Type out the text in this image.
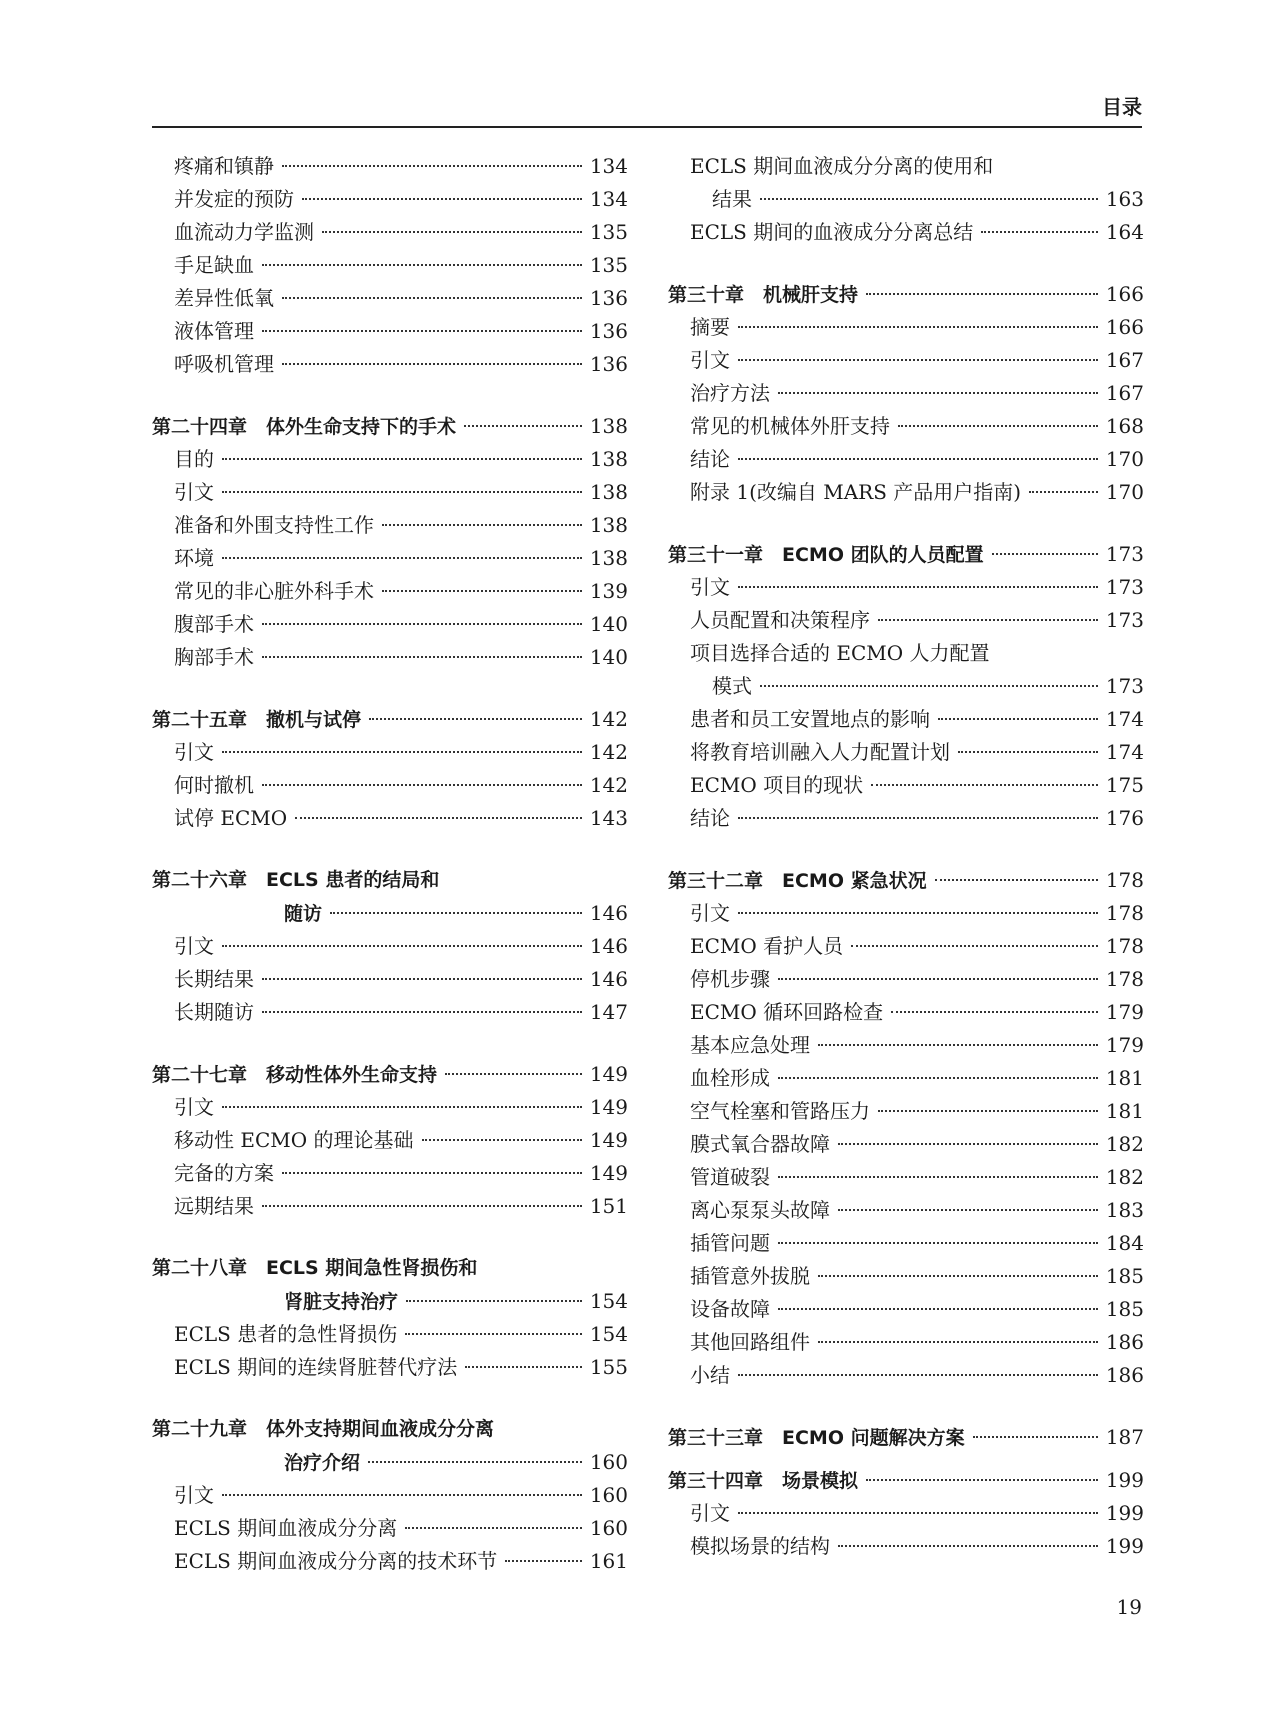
目录
疼痛和镇静	134
并发症的预防	134
血流动力学监测	135
手足缺血	135
差异性低氧	136
液体管理	136
呼吸机管理	136
第二十四章　体外生命支持下的手术	138
目的	138
引文	138
准备和外围支持性工作	138
环境	138
常见的非心脏外科手术	139
腹部手术	140
胸部手术	140
第二十五章　撤机与试停	142
引文	142
何时撤机	142
试停 ECMO	143
第二十六章　ECLS 患者的结局和
随访	146
引文	146
长期结果	146
长期随访	147
第二十七章　移动性体外生命支持	149
引文	149
移动性 ECMO 的理论基础	149
完备的方案	149
远期结果	151
第二十八章　ECLS 期间急性肾损伤和
肾脏支持治疗	154
ECLS 患者的急性肾损伤	154
ECLS 期间的连续肾脏替代疗法	155
第二十九章　体外支持期间血液成分分离
治疗介绍	160
引文	160
ECLS 期间血液成分分离	160
ECLS 期间血液成分分离的技术环节	161
ECLS 期间血液成分分离的使用和
结果	163
ECLS 期间的血液成分分离总结	164
第三十章　机械肝支持	166
摘要	166
引文	167
治疗方法	167
常见的机械体外肝支持	168
结论	170
附录 1(改编自 MARS 产品用户指南)	170
第三十一章　ECMO 团队的人员配置	173
引文	173
人员配置和决策程序	173
项目选择合适的 ECMO 人力配置
模式	173
患者和员工安置地点的影响	174
将教育培训融入人力配置计划	174
ECMO 项目的现状	175
结论	176
第三十二章　ECMO 紧急状况	178
引文	178
ECMO 看护人员	178
停机步骤	178
ECMO 循环回路检查	179
基本应急处理	179
血栓形成	181
空气栓塞和管路压力	181
膜式氧合器故障	182
管道破裂	182
离心泵泵头故障	183
插管问题	184
插管意外拔脱	185
设备故障	185
其他回路组件	186
小结	186
第三十三章　ECMO 问题解决方案	187
第三十四章　场景模拟	199
引文	199
模拟场景的结构	199
19
